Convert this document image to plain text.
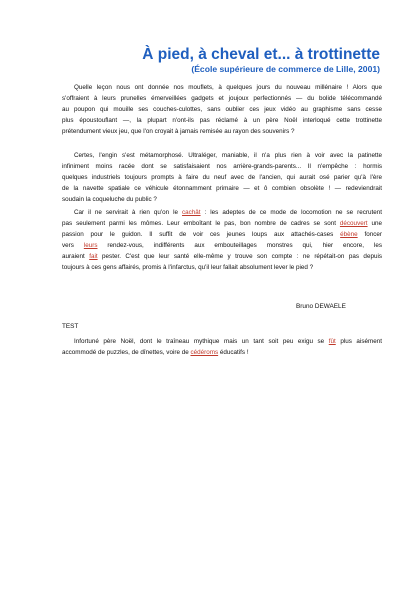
À pied, à cheval et... à trottinette

(École supérieure de commerce de Lille, 2001)

Quelle leçon nous ont donnée nos mouflets, à quelques jours du nouveau millénaire ! Alors que
s'offraient à leurs prunelles émerveillées gadgets et joujoux perfectionnés — du bolide télécommandé
au poupon qui mouille ses couches-culottes, sans oublier ces jeux vidéo au graphisme sans cesse
plus époustouflant —, la plupart n'ont-ils pas réclamé à un père Noël interloqué cette trottinette
prétendument vieux jeu, que l'on croyait à jamais remisée au rayon des souvenirs ?
Certes, l'engin s'est métamorphosé. Ultraléger, maniable, il n'a plus rien à voir avec la patinette
infiniment moins racée dont se satisfaisaient nos arrière-grands-parents... Il n'empêche : hormis
quelques industriels toujours prompts à faire du neuf avec de l'ancien, qui aurait osé parier qu'à l'ère
de la navette spatiale ce véhicule étonnamment primaire — et ô combien obsolète ! — redeviendrait
soudain la coqueluche du public ?
Car il ne servirait à rien qu'on le cachât : les adeptes de ce mode de locomotion ne se recrutent
pas seulement parmi les mômes. Leur emboîtant le pas, bon nombre de cadres se sont découvert une
passion pour le guidon. Il suffit de voir ces jeunes loups aux attachés-cases ébène foncer
vers leurs rendez-vous, indifférents aux embouteillages monstres qui, hier encore, les
auraient fait pester. C'est que leur santé elle-même y trouve son compte : ne répétait-on pas depuis
toujours à ces gens affairés, promis à l'infarctus, qu'il leur fallait absolument lever le pied ?

Bruno DEWAELE

TEST

Infortuné père Noël, dont le traîneau mythique mais un tant soit peu exigu se fût plus aisément
accommodé de puzzles, de dînettes, voire de cédéroms éducatifs !
